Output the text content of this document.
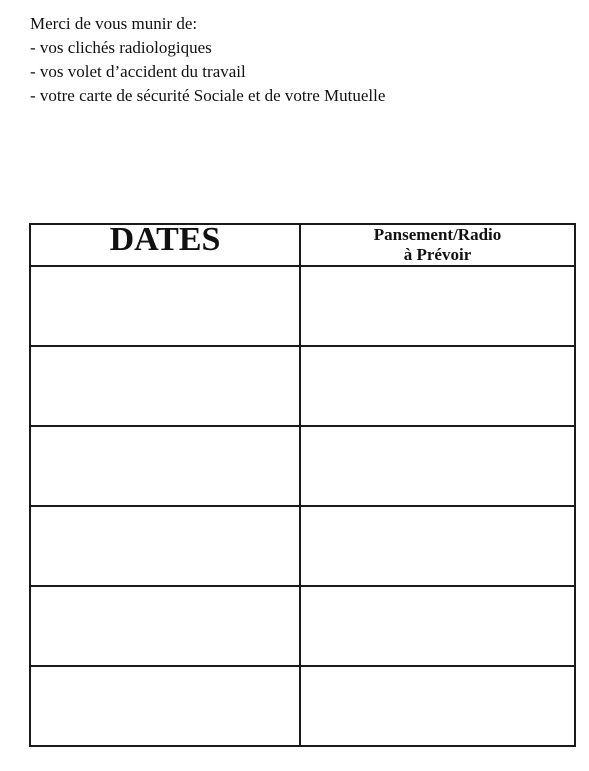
Merci de vous munir de:
- vos clichés radiologiques
- vos volet d’accident du travail
- votre carte de sécurité Sociale et de votre Mutuelle
DATES	Pansement/Radio
à Prévoir
